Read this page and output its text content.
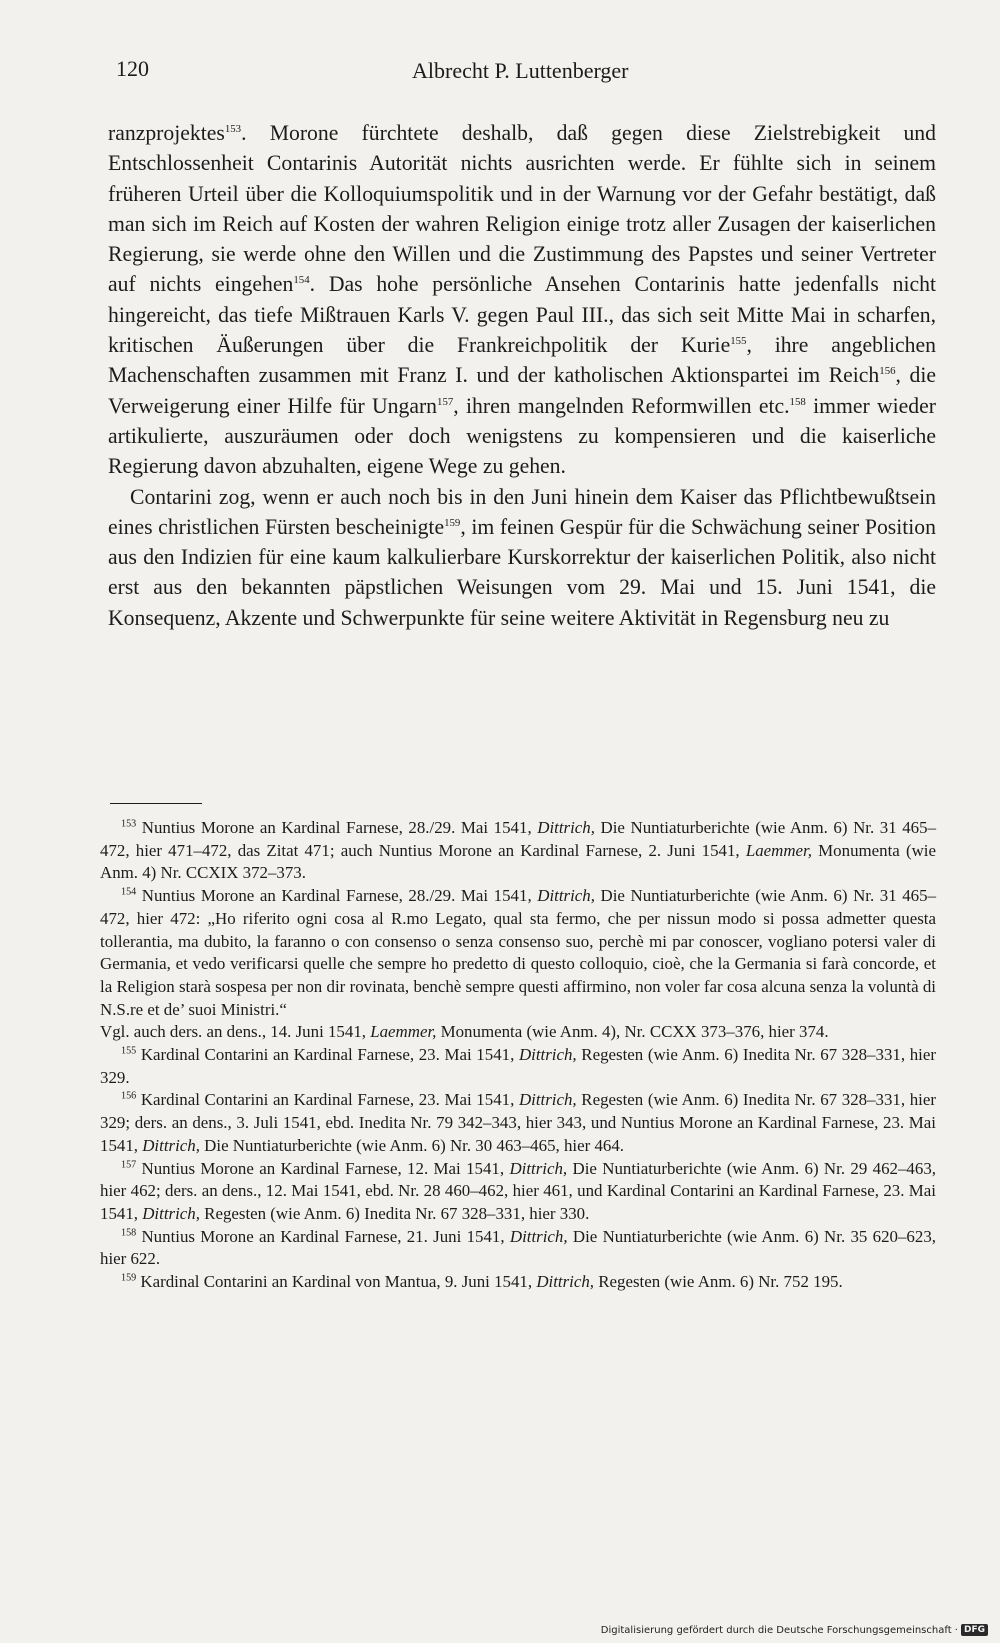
120	Albrecht P. Luttenberger

ranzprojektes$^{153}$. Morone fürchtete deshalb, daß gegen diese Zielstrebigkeit und Entschlossenheit Contarinis Autorität nichts ausrichten werde. Er fühlte sich in seinem früheren Urteil über die Kolloquiumspolitik und in der Warnung vor der Gefahr bestätigt, daß man sich im Reich auf Kosten der wahren Religion einige trotz aller Zusagen der kaiserlichen Regierung, sie werde ohne den Willen und die Zustimmung des Papstes und seiner Vertreter auf nichts eingehen$^{154}$. Das hohe persönliche Ansehen Contarinis hatte jedenfalls nicht hingereicht, das tiefe Mißtrauen Karls V. gegen Paul III., das sich seit Mitte Mai in scharfen, kritischen Äußerungen über die Frankreichpolitik der Kurie$^{155}$, ihre angeblichen Machenschaften zusammen mit Franz I. und der katholischen Aktionspartei im Reich$^{156}$, die Verweigerung einer Hilfe für Ungarn$^{157}$, ihren mangelnden Reformwillen etc.$^{158}$ immer wieder artikulierte, auszuräumen oder doch wenigstens zu kompensieren und die kaiserliche Regierung davon abzuhalten, eigene Wege zu gehen.

Contarini zog, wenn er auch noch bis in den Juni hinein dem Kaiser das Pflichtbewußtsein eines christlichen Fürsten bescheinigte$^{159}$, im feinen Gespür für die Schwächung seiner Position aus den Indizien für eine kaum kalkulierbare Kurskorrektur der kaiserlichen Politik, also nicht erst aus den bekannten päpstlichen Weisungen vom 29. Mai und 15. Juni 1541, die Konsequenz, Akzente und Schwerpunkte für seine weitere Aktivität in Regensburg neu zu

$^{153}$ Nuntius Morone an Kardinal Farnese, 28./29. Mai 1541, Dittrich, Die Nuntiaturberichte (wie Anm. 6) Nr. 31 465–472, hier 471–472, das Zitat 471; auch Nuntius Morone an Kardinal Farnese, 2. Juni 1541, Laemmer, Monumenta (wie Anm. 4) Nr. CCXIX 372–373.

$^{154}$ Nuntius Morone an Kardinal Farnese, 28./29. Mai 1541, Dittrich, Die Nuntiaturberichte (wie Anm. 6) Nr. 31 465–472, hier 472: „Ho riferito ogni cosa al R.mo Legato, qual sta fermo, che per nissun modo si possa admetter questa tollerantia, ma dubito, la faranno o con consenso o senza consenso suo, perchè mi par conoscer, vogliano potersi valer di Germania, et vedo verificarsi quelle che sempre ho predetto di questo colloquio, cioè, che la Germania si farà concorde, et la Religion starà sospesa per non dir rovinata, benchè sempre questi affirmino, non voler far cosa alcuna senza la voluntà di N.S.re et de’ suoi Ministri.“

Vgl. auch ders. an dens., 14. Juni 1541, Laemmer, Monumenta (wie Anm. 4), Nr. CCXX 373–376, hier 374.

$^{155}$ Kardinal Contarini an Kardinal Farnese, 23. Mai 1541, Dittrich, Regesten (wie Anm. 6) Inedita Nr. 67 328–331, hier 329.

$^{156}$ Kardinal Contarini an Kardinal Farnese, 23. Mai 1541, Dittrich, Regesten (wie Anm. 6) Inedita Nr. 67 328–331, hier 329; ders. an dens., 3. Juli 1541, ebd. Inedita Nr. 79 342–343, hier 343, und Nuntius Morone an Kardinal Farnese, 23. Mai 1541, Dittrich, Die Nuntiaturberichte (wie Anm. 6) Nr. 30 463–465, hier 464.

$^{157}$ Nuntius Morone an Kardinal Farnese, 12. Mai 1541, Dittrich, Die Nuntiaturberichte (wie Anm. 6) Nr. 29 462–463, hier 462; ders. an dens., 12. Mai 1541, ebd. Nr. 28 460–462, hier 461, und Kardinal Contarini an Kardinal Farnese, 23. Mai 1541, Dittrich, Regesten (wie Anm. 6) Inedita Nr. 67 328–331, hier 330.

$^{158}$ Nuntius Morone an Kardinal Farnese, 21. Juni 1541, Dittrich, Die Nuntiaturberichte (wie Anm. 6) Nr. 35 620–623, hier 622.

$^{159}$ Kardinal Contarini an Kardinal von Mantua, 9. Juni 1541, Dittrich, Regesten (wie Anm. 6) Nr. 752 195.

Digitalisierung gefördert durch die Deutsche Forschungsgemeinschaft · DFG
